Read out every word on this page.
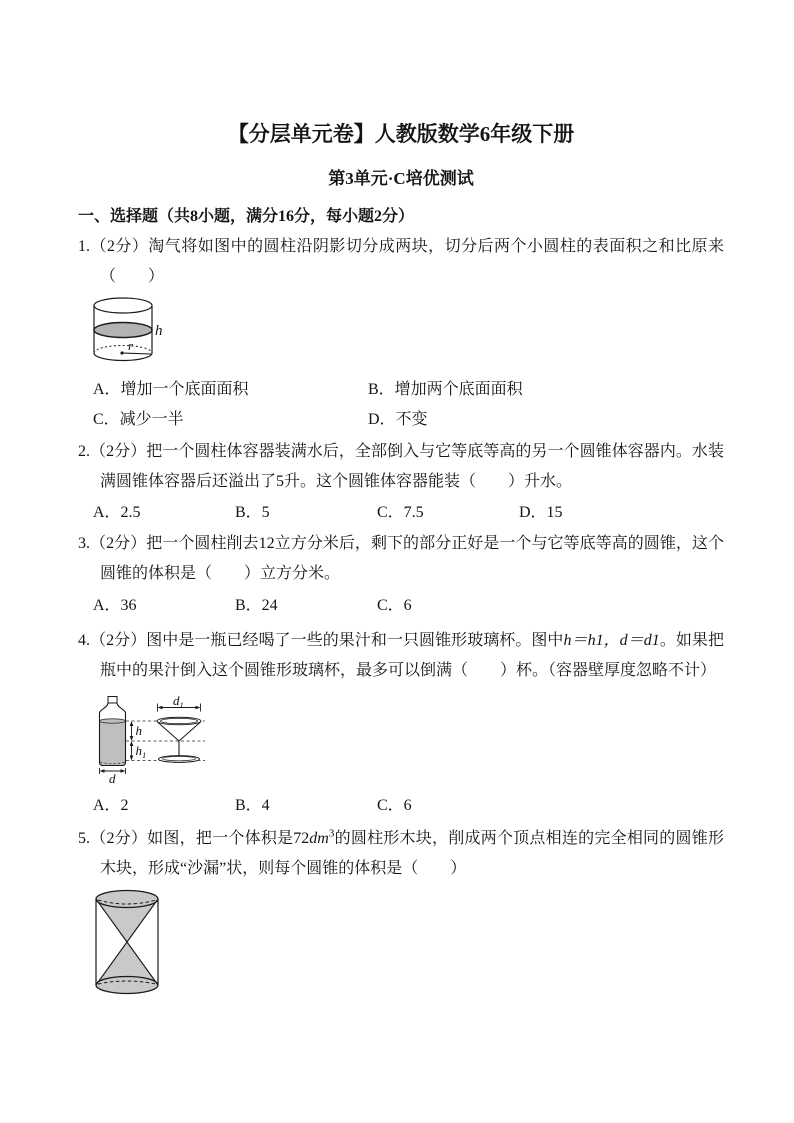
【分层单元卷】人教版数学6年级下册
第3单元·C培优测试
一、选择题（共8小题，满分16分，每小题2分）
1.（2分）淘气将如图中的圆柱沿阴影切分成两块，切分后两个小圆柱的表面积之和比原来（　　）
r
h
A．增加一个底面面积	B．增加两个底面面积
C．减少一半	D．不变
2.（2分）把一个圆柱体容器装满水后，全部倒入与它等底等高的另一个圆锥体容器内。水装满圆锥体容器后还溢出了5升。这个圆锥体容器能装（　　）升水。
A．2.5	B．5	C．7.5	D．15
3.（2分）把一个圆柱削去12立方分米后，剩下的部分正好是一个与它等底等高的圆锥，这个圆锥的体积是（　　）立方分米。
A．36	B．24	C．6
4.（2分）图中是一瓶已经喝了一些的果汁和一只圆锥形玻璃杯。图中h＝h1，d＝d1。如果把瓶中的果汁倒入这个圆锥形玻璃杯，最多可以倒满（　　）杯。（容器壁厚度忽略不计）
d
h
$h_1$
$d_1$
A．2	B．4	C．6
5.（2分）如图，把一个体积是$72dm^3$的圆柱形木块，削成两个顶点相连的完全相同的圆锥形木块，形成“沙漏”状，则每个圆锥的体积是（　　）
